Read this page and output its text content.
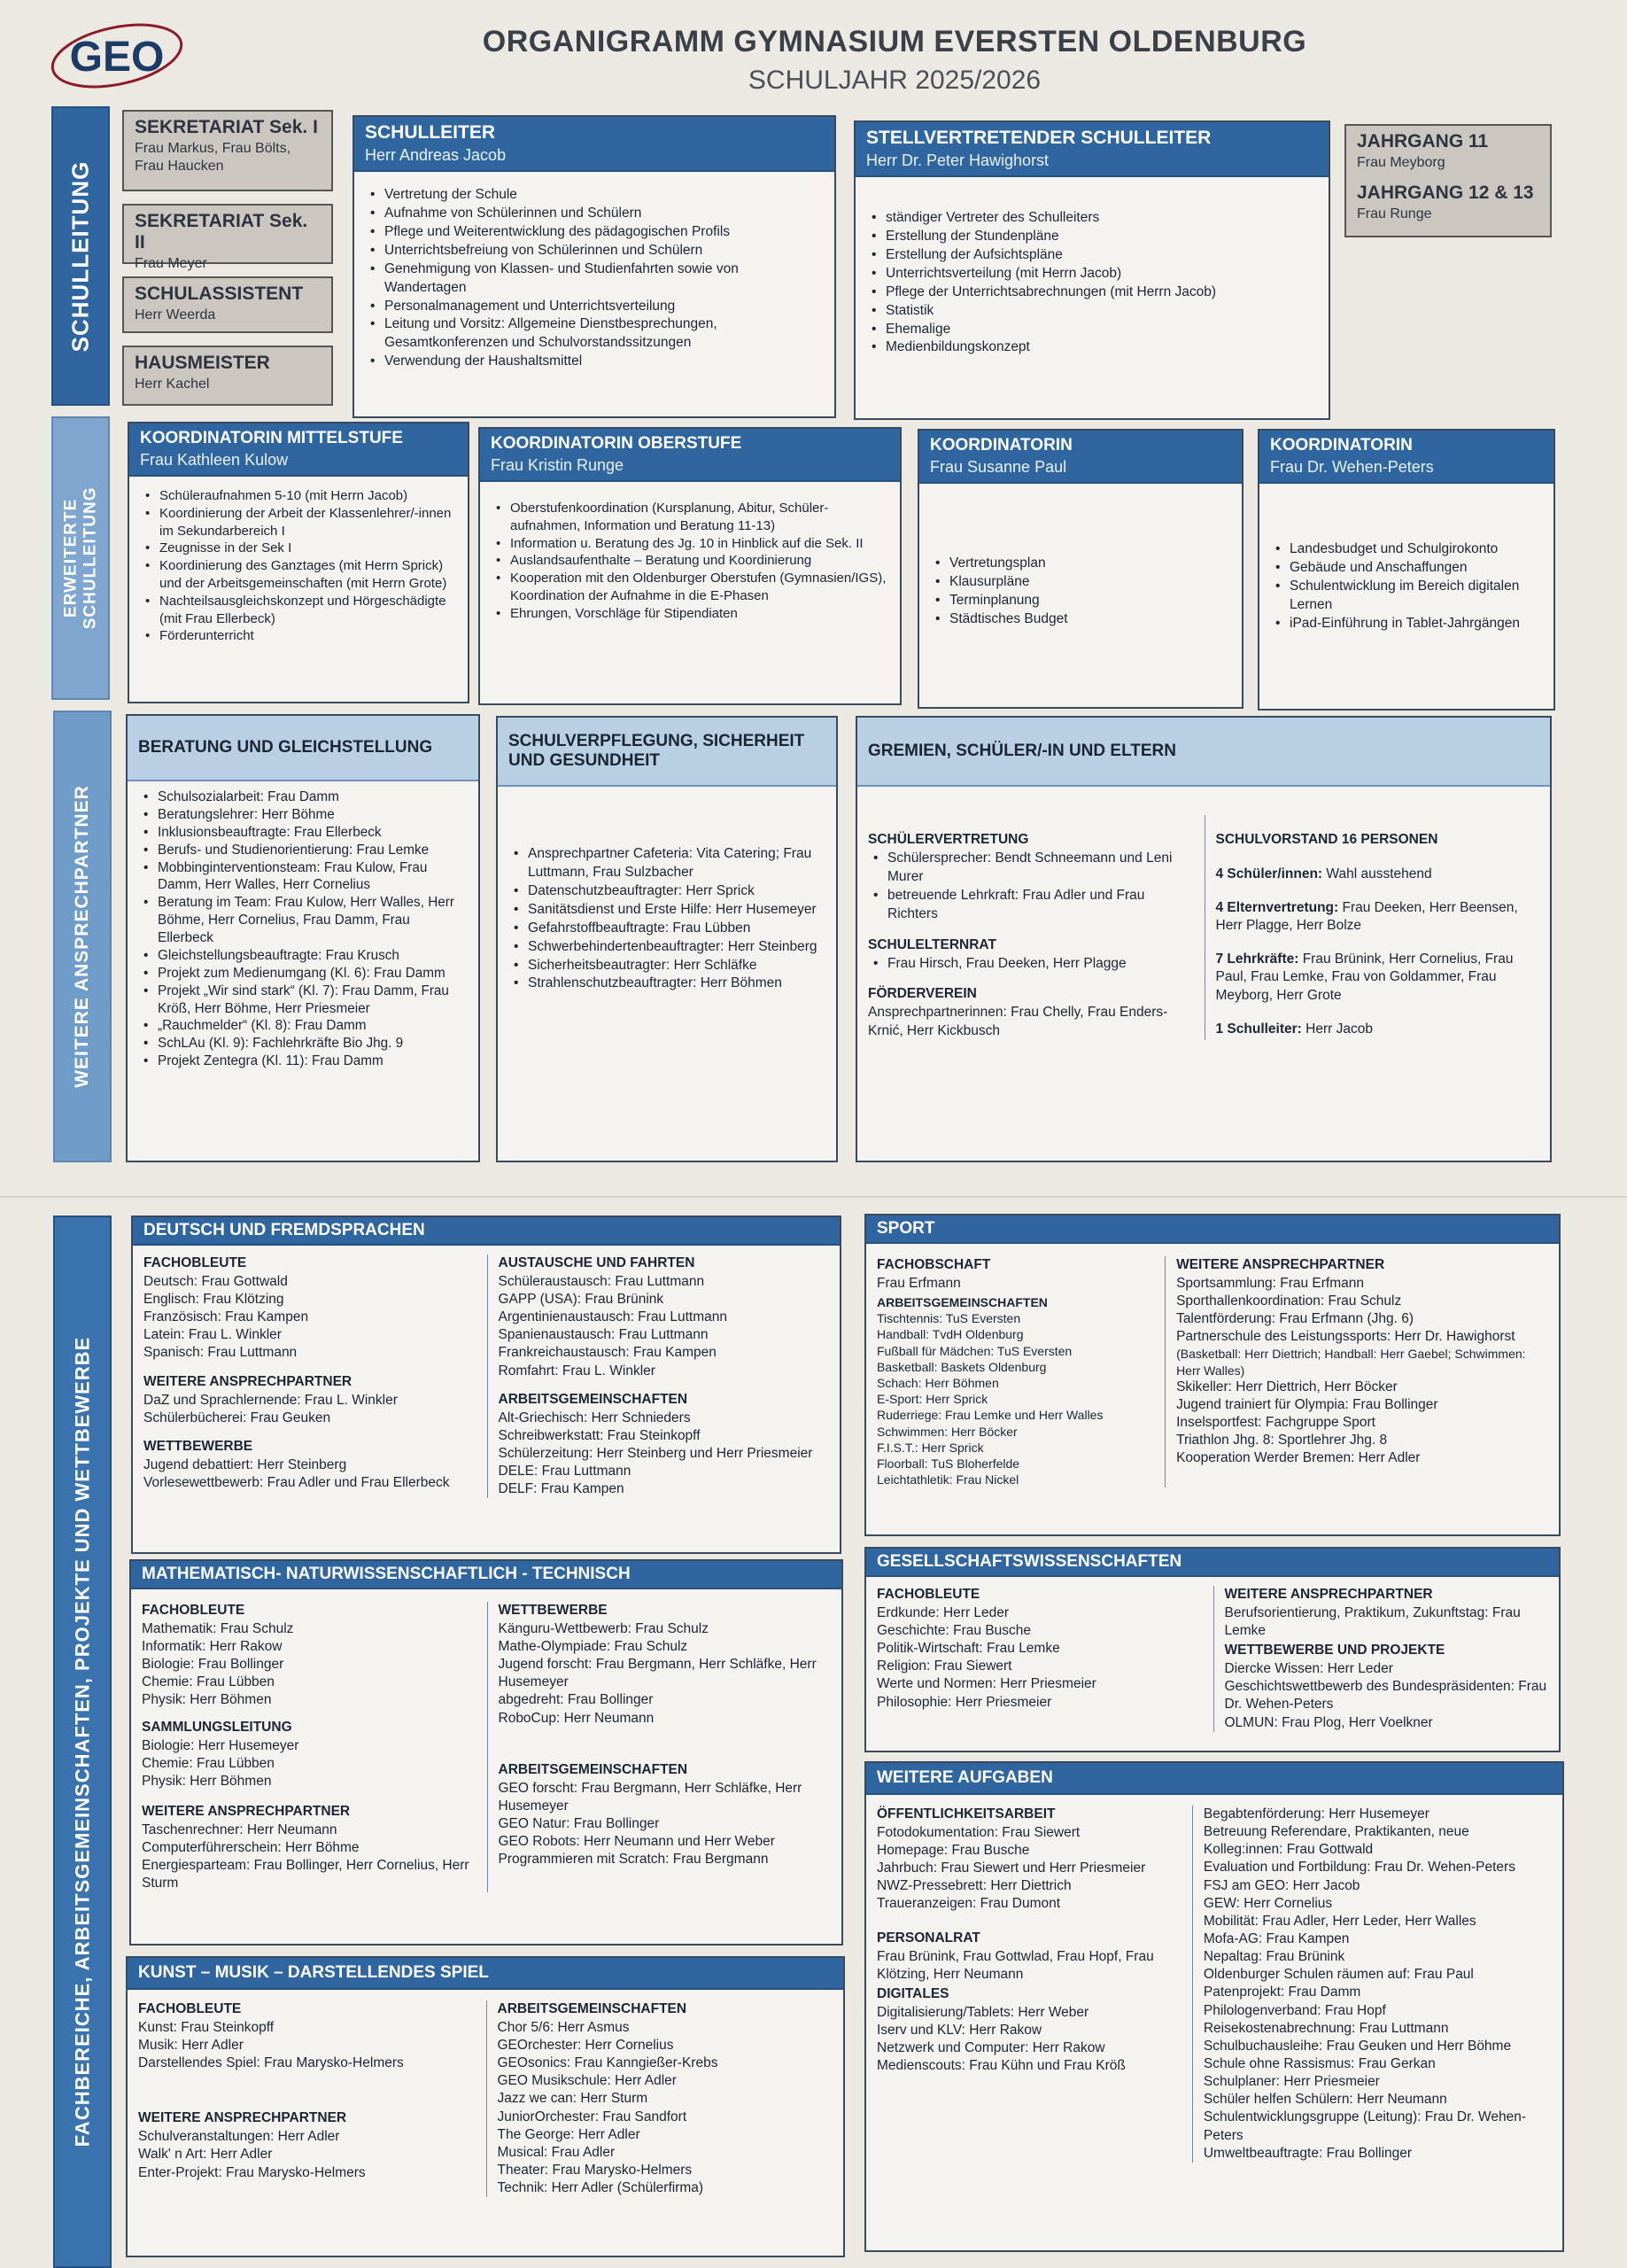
GEO	ORGANIGRAMM GYMNASIUM EVERSTEN OLDENBURG
SCHULJAHR 2025/2026
SCHULLEITUNG
ERWEITERTE SCHULLEITUNG
WEITERE ANSPRECHPARTNER
FACHBEREICHE, ARBEITSGEMEINSCHAFTEN, PROJEKTE UND WETTBEWERBE
SEKRETARIAT Sek. I

Frau Markus, Frau Bölts, Frau Haucken

SEKRETARIAT Sek. II

Frau Meyer

SCHULASSISTENT

Herr Weerda

HAUSMEISTER

Herr Kachel

SCHULLEITER

Herr Andreas Jacob

• Vertretung der Schule
• Aufnahme von Schülerinnen und Schülern
• Pflege und Weiterentwicklung des pädagogischen Profils
• Unterrichtsbefreiung von Schülerinnen und Schülern
• Genehmigung von Klassen- und Studienfahrten sowie von Wandertagen
• Personalmanagement und Unterrichtsverteilung
• Leitung und Vorsitz: Allgemeine Dienstbesprechungen, Gesamtkonferenzen und Schulvorstandssitzungen
• Verwendung der Haushaltsmittel
STELLVERTRETENDER SCHULLEITER

Herr Dr. Peter Hawighorst

• ständiger Vertreter des Schulleiters
• Erstellung der Stundenpläne
• Erstellung der Aufsichtspläne
• Unterrichtsverteilung (mit Herrn Jacob)
• Pflege der Unterrichtsabrechnungen (mit Herrn Jacob)
• Statistik
• Ehemalige
• Medienbildungskonzept
JAHRGANG 11

Frau Meyborg

JAHRGANG 12 & 13

Frau Runge

KOORDINATORIN MITTELSTUFE

Frau Kathleen Kulow

• Schüleraufnahmen 5-10 (mit Herrn Jacob)
• Koordinierung der Arbeit der Klassenlehrer/-innen im Sekundarbereich I
• Zeugnisse in der Sek I
• Koordinierung des Ganztages (mit Herrn Sprick) und der Arbeitsgemeinschaften (mit Herrn Grote)
• Nachteilsausgleichskonzept und Hörgeschädigte (mit Frau Ellerbeck)
• Förderunterricht
KOORDINATORIN OBERSTUFE

Frau Kristin Runge

• Oberstufenkoordination (Kursplanung, Abitur, Schüler-aufnahmen, Information und Beratung 11-13)
• Information u. Beratung des Jg. 10 in Hinblick auf die Sek. II
• Auslandsaufenthalte – Beratung und Koordinierung
• Kooperation mit den Oldenburger Oberstufen (Gymnasien/IGS), Koordination der Aufnahme in die E-Phasen
• Ehrungen, Vorschläge für Stipendiaten
KOORDINATORIN

Frau Susanne Paul

• Vertretungsplan
• Klausurpläne
• Terminplanung
• Städtisches Budget
KOORDINATORIN

Frau Dr. Wehen-Peters

• Landesbudget und Schulgirokonto
• Gebäude und Anschaffungen
• Schulentwicklung im Bereich digitalen Lernen
• iPad-Einführung in Tablet-Jahrgängen
BERATUNG UND GLEICHSTELLUNG
• Schulsozialarbeit: Frau Damm
• Beratungslehrer: Herr Böhme
• Inklusionsbeauftragte: Frau Ellerbeck
• Berufs- und Studienorientierung: Frau Lemke
• Mobbinginterventionsteam: Frau Kulow, Frau Damm, Herr Walles, Herr Cornelius
• Beratung im Team: Frau Kulow, Herr Walles, Herr Böhme, Herr Cornelius, Frau Damm, Frau Ellerbeck
• Gleichstellungsbeauftragte: Frau Krusch
• Projekt zum Medienumgang (Kl. 6): Frau Damm
• Projekt „Wir sind stark“ (Kl. 7): Frau Damm, Frau Kröß, Herr Böhme, Herr Priesmeier
• „Rauchmelder“ (Kl. 8): Frau Damm
• SchLAu (Kl. 9): Fachlehrkräfte Bio Jhg. 9
• Projekt Zentegra (Kl. 11): Frau Damm
SCHULVERPFLEGUNG, SICHERHEIT UND GESUNDHEIT
• Ansprechpartner Cafeteria: Vita Catering; Frau Luttmann, Frau Sulzbacher
• Datenschutzbeauftragter: Herr Sprick
• Sanitätsdienst und Erste Hilfe: Herr Husemeyer
• Gefahrstoffbeauftragte: Frau Lübben
• Schwerbehindertenbeauftragter: Herr Steinberg
• Sicherheitsbeautragter: Herr Schläfke
• Strahlenschutzbeauftragter: Herr Böhmen
GREMIEN, SCHÜLER/-IN UND ELTERN
SCHÜLERVERTRETUNG
• Schülersprecher: Bendt Schneemann und Leni Murer
• betreuende Lehrkraft: Frau Adler und Frau Richters
SCHULELTERNRAT
• Frau Hirsch, Frau Deeken, Herr Plagge
FÖRDERVEREIN
Ansprechpartnerinnen: Frau Chelly, Frau Enders- Krnić, Herr Kickbusch
SCHULVORSTAND 16 PERSONEN
4 Schüler/innen: Wahl ausstehend
4 Elternvertretung: Frau Deeken, Herr Beensen, Herr Plagge, Herr Bolze
7 Lehrkräfte: Frau Brünink, Herr Cornelius, Frau Paul, Frau Lemke, Frau von Goldammer, Frau Meyborg, Herr Grote
1 Schulleiter: Herr Jacob
DEUTSCH UND FREMDSPRACHEN
FACHOBLEUTE
Deutsch: Frau Gottwald
Englisch: Frau Klötzing
Französisch: Frau Kampen
Latein: Frau L. Winkler
Spanisch: Frau Luttmann
WEITERE ANSPRECHPARTNER
DaZ und Sprachlernende: Frau L. Winkler
Schülerbücherei: Frau Geuken
WETTBEWERBE
Jugend debattiert: Herr Steinberg
Vorlesewettbewerb: Frau Adler und Frau Ellerbeck
AUSTAUSCHE UND FAHRTEN
Schüleraustausch: Frau Luttmann
GAPP (USA): Frau Brünink
Argentinienaustausch: Frau Luttmann
Spanienaustausch: Frau Luttmann
Frankreichaustausch: Frau Kampen
Romfahrt: Frau L. Winkler
ARBEITSGEMEINSCHAFTEN
Alt-Griechisch: Herr Schnieders
Schreibwerkstatt: Frau Steinkopff
Schülerzeitung: Herr Steinberg und Herr Priesmeier
DELE: Frau Luttmann
DELF: Frau Kampen
MATHEMATISCH- NATURWISSENSCHAFTLICH - TECHNISCH
FACHOBLEUTE
Mathematik: Frau Schulz
Informatik: Herr Rakow
Biologie: Frau Bollinger
Chemie: Frau Lübben
Physik: Herr Böhmen
SAMMLUNGSLEITUNG
Biologie: Herr Husemeyer
Chemie: Frau Lübben
Physik: Herr Böhmen
WEITERE ANSPRECHPARTNER
Taschenrechner: Herr Neumann
Computerführerschein: Herr Böhme
Energiesparteam: Frau Bollinger, Herr Cornelius, Herr Sturm
WETTBEWERBE
Känguru-Wettbewerb: Frau Schulz
Mathe-Olympiade: Frau Schulz
Jugend forscht: Frau Bergmann, Herr Schläfke, Herr Husemeyer
abgedreht: Frau Bollinger
RoboCup: Herr Neumann
ARBEITSGEMEINSCHAFTEN
GEO forscht: Frau Bergmann, Herr Schläfke, Herr Husemeyer
GEO Natur: Frau Bollinger
GEO Robots: Herr Neumann und Herr Weber
Programmieren mit Scratch: Frau Bergmann
KUNST – MUSIK – DARSTELLENDES SPIEL
FACHOBLEUTE
Kunst: Frau Steinkopff
Musik: Herr Adler
Darstellendes Spiel: Frau Marysko-Helmers
WEITERE ANSPRECHPARTNER
Schulveranstaltungen: Herr Adler
Walk' n Art: Herr Adler
Enter-Projekt: Frau Marysko-Helmers
ARBEITSGEMEINSCHAFTEN
Chor 5/6: Herr Asmus
GEOrchester: Herr Cornelius
GEOsonics: Frau Kanngießer-Krebs
GEO Musikschule: Herr Adler
Jazz we can: Herr Sturm
JuniorOrchester: Frau Sandfort
The George: Herr Adler
Musical: Frau Adler
Theater: Frau Marysko-Helmers
Technik: Herr Adler (Schülerfirma)
SPORT
FACHOBSCHAFT
Frau Erfmann
ARBEITSGEMEINSCHAFTEN
Tischtennis: TuS Eversten
Handball: TvdH Oldenburg
Fußball für Mädchen: TuS Eversten
Basketball: Baskets Oldenburg
Schach: Herr Böhmen
E-Sport: Herr Sprick
Ruderriege: Frau Lemke und Herr Walles
Schwimmen: Herr Böcker
F.I.S.T.: Herr Sprick
Floorball: TuS Bloherfelde
Leichtathletik: Frau Nickel
WEITERE ANSPRECHPARTNER
Sportsammlung: Frau Erfmann
Sporthallenkoordination: Frau Schulz
Talentförderung: Frau Erfmann (Jhg. 6)
Partnerschule des Leistungssports: Herr Dr. Hawighorst
(Basketball: Herr Diettrich; Handball: Herr Gaebel; Schwimmen: Herr Walles)
Skikeller: Herr Diettrich, Herr Böcker
Jugend trainiert für Olympia: Frau Bollinger
Inselsportfest: Fachgruppe Sport
Triathlon Jhg. 8: Sportlehrer Jhg. 8
Kooperation Werder Bremen: Herr Adler
GESELLSCHAFTSWISSENSCHAFTEN
FACHOBLEUTE
Erdkunde: Herr Leder
Geschichte: Frau Busche
Politik-Wirtschaft: Frau Lemke
Religion: Frau Siewert
Werte und Normen: Herr Priesmeier
Philosophie: Herr Priesmeier
WEITERE ANSPRECHPARTNER
Berufsorientierung, Praktikum, Zukunftstag: Frau Lemke
WETTBEWERBE UND PROJEKTE
Diercke Wissen: Herr Leder
Geschichtswettbewerb des Bundespräsidenten: Frau Dr. Wehen-Peters
OLMUN: Frau Plog, Herr Voelkner
WEITERE AUFGABEN
ÖFFENTLICHKEITSARBEIT
Fotodokumentation: Frau Siewert
Homepage: Frau Busche
Jahrbuch: Frau Siewert und Herr Priesmeier
NWZ-Pressebrett: Herr Diettrich
Traueranzeigen: Frau Dumont
PERSONALRAT
Frau Brünink, Frau Gottwlad, Frau Hopf, Frau Klötzing, Herr Neumann
DIGITALES
Digitalisierung/Tablets: Herr Weber
Iserv und KLV: Herr Rakow
Netzwerk und Computer: Herr Rakow
Medienscouts: Frau Kühn und Frau Kröß
Begabtenförderung: Herr Husemeyer
Betreuung Referendare, Praktikanten, neue Kolleg:innen: Frau Gottwald
Evaluation und Fortbildung: Frau Dr. Wehen-Peters
FSJ am GEO: Herr Jacob
GEW: Herr Cornelius
Mobilität: Frau Adler, Herr Leder, Herr Walles
Mofa-AG: Frau Kampen
Nepaltag: Frau Brünink
Oldenburger Schulen räumen auf: Frau Paul
Patenprojekt: Frau Damm
Philologenverband: Frau Hopf
Reisekostenabrechnung: Frau Luttmann
Schulbuchausleihe: Frau Geuken und Herr Böhme
Schule ohne Rassismus: Frau Gerkan
Schulplaner: Herr Priesmeier
Schüler helfen Schülern: Herr Neumann
Schulentwicklungsgruppe (Leitung): Frau Dr. Wehen-Peters
Umweltbeauftragte: Frau Bollinger
